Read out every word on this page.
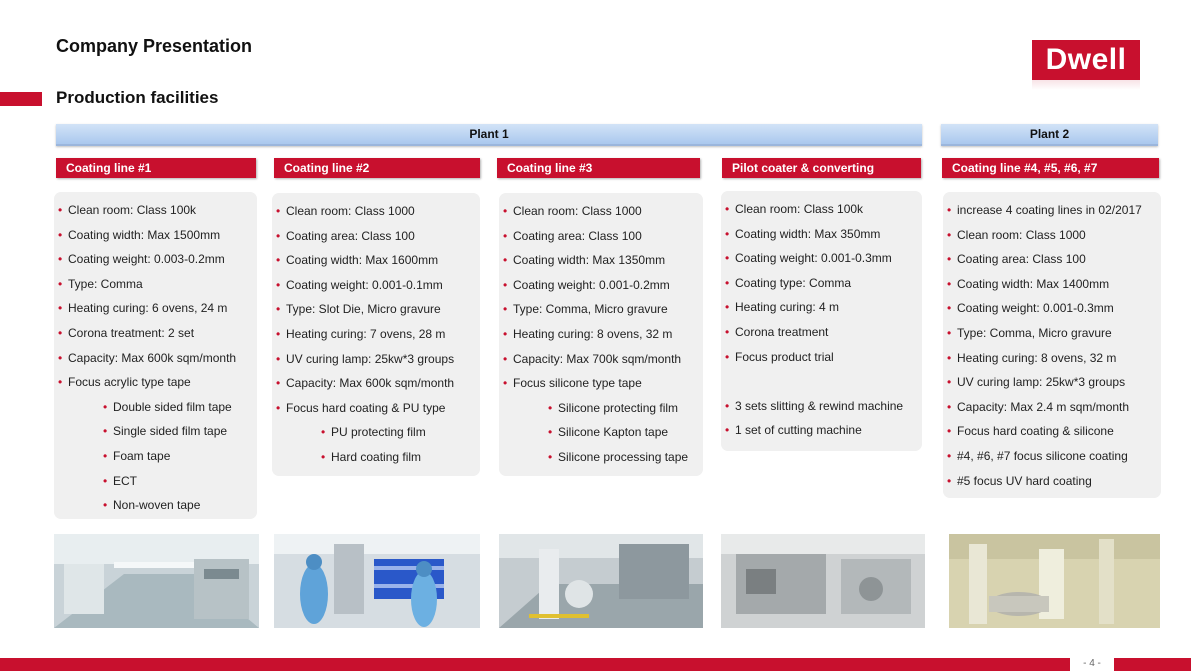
Company Presentation
Production facilities
Dwell
Plant 1	Plant 2
Coating line #1	Coating line #2	Coating line #3	Pilot coater & converting	Coating line #4, #5, #6, #7
• Clean room: Class 100k
• Coating width: Max 1500mm
• Coating weight: 0.003-0.2mm
• Type: Comma
• Heating curing: 6 ovens, 24 m
• Corona treatment: 2 set
• Capacity: Max 600k sqm/month
• Focus acrylic type tape
• Double sided film tape
• Single sided film tape
• Foam tape
• ECT
• Non-woven tape
• Clean room: Class 1000
• Coating area: Class 100
• Coating width: Max 1600mm
• Coating weight: 0.001-0.1mm
• Type: Slot Die, Micro gravure
• Heating curing: 7 ovens, 28 m
• UV curing lamp: 25kw*3 groups
• Capacity: Max 600k sqm/month
• Focus hard coating & PU type
• PU protecting film
• Hard coating film
• Clean room: Class 1000
• Coating area: Class 100
• Coating width: Max 1350mm
• Coating weight: 0.001-0.2mm
• Type: Comma, Micro gravure
• Heating curing: 8 ovens, 32 m
• Capacity: Max 700k sqm/month
• Focus silicone type tape
• Silicone protecting film
• Silicone Kapton tape
• Silicone processing tape
• Clean room: Class 100k
• Coating width: Max 350mm
• Coating weight: 0.001-0.3mm
• Coating type: Comma
• Heating curing: 4 m
• Corona treatment
• Focus product trial
• 3 sets slitting & rewind machine
• 1 set of cutting machine
• increase 4 coating lines in 02/2017
• Clean room: Class 1000
• Coating area: Class 100
• Coating width: Max 1400mm
• Coating weight: 0.001-0.3mm
• Type: Comma, Micro gravure
• Heating curing: 8 ovens, 32 m
• UV curing lamp: 25kw*3 groups
• Capacity: Max 2.4 m sqm/month
• Focus hard coating & silicone
• #4, #6, #7 focus silicone coating
• #5 focus UV hard coating
- 4 -
